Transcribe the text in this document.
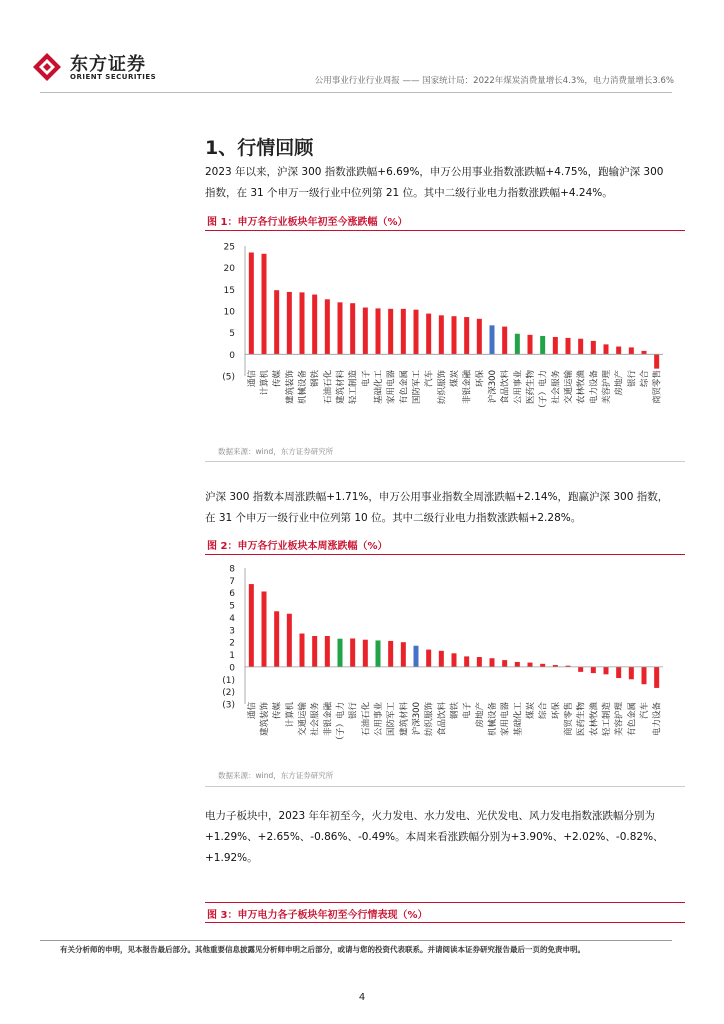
东方证券
ORIENT SECURITIES	公用事业行业行业周报 —— 国家统计局：2022年煤炭消费量增长4.3%，电力消费量增长3.6%
1、行情回顾
2023 年以来，沪深 300 指数涨跌幅+6.69%，申万公用事业指数涨跌幅+4.75%，跑输沪深 300 指数，在 31 个申万一级行业中位列第 21 位。其中二级行业电力指数涨跌幅+4.24%。
图 1：申万各行业板块年初至今涨跌幅（%）
25
20
15
10
5
0
(5) 通信 计算机 传媒 建筑装饰 机械设备 钢铁 石油石化 建筑材料 轻工制造 电子 基础化工 家用电器 有色金属 国防军工 汽车 纺织服饰 煤炭 非银金融 环保 沪深300 食品饮料 公用事业 医药生物 （子）电力 社会服务 交通运输 农林牧渔 电力设备 美容护理 房地产 银行 综合 商贸零售
数据来源：wind，东方证券研究所
沪深 300 指数本周涨跌幅+1.71%，申万公用事业指数全周涨跌幅+2.14%，跑赢沪深 300 指数，在 31 个申万一级行业中位列第 10 位。其中二级行业电力指数涨跌幅+2.28%。
图 2：申万各行业板块本周涨跌幅（%）
8
7
6
5
4
3
2
1
0
(1)
(2)
(3) 通信 建筑装饰 传媒 计算机 交通运输 社会服务 非银金融 （子）电力 银行 石油石化 公用事业 国防军工 建筑材料 沪深300 纺织服饰 食品饮料 钢铁 电子 房地产 机械设备 家用电器 基础化工 煤炭 综合 环保 商贸零售 医药生物 农林牧渔 轻工制造 美容护理 有色金属 汽车 电力设备
数据来源：wind，东方证券研究所
电力子板块中，2023 年年初至今，火力发电、水力发电、光伏发电、风力发电指数涨跌幅分别为+1.29%、+2.65%、-0.86%、-0.49%。本周来看涨跌幅分别为+3.90%、+2.02%、-0.82%、+1.92%。
图 3：申万电力各子板块年初至今行情表现（%）
有关分析师的申明，见本报告最后部分。其他重要信息披露见分析师申明之后部分，或请与您的投资代表联系。并请阅读本证券研究报告最后一页的免责申明。
4
